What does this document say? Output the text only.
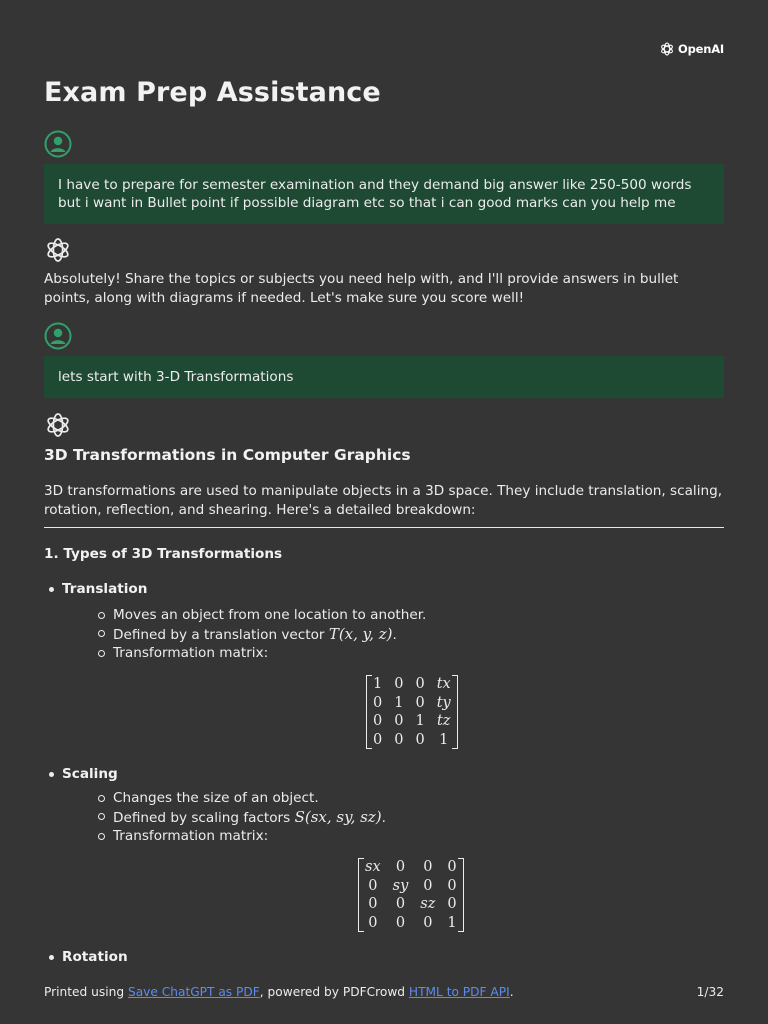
OpenAI
Exam Prep Assistance
I have to prepare for semester examination and they demand big answer like 250-500 words but i want in Bullet point if possible diagram etc so that i can good marks can you help me

Absolutely! Share the topics or subjects you need help with, and I'll provide answers in bullet points, along with diagrams if needed. Let's make sure you score well!

lets start with 3-D Transformations
3D Transformations in Computer Graphics

3D transformations are used to manipulate objects in a 3D space. They include translation, scaling, rotation, reflection, and shearing. Here's a detailed breakdown:

1. Types of 3D Transformations
Translation
Moves an object from one location to another.
Defined by a translation vector T(x, y, z).
Transformation matrix:
1	0	0	tx
0	1	0	ty
0	0	1	tz
0	0	0	1

Scaling
Changes the size of an object.
Defined by scaling factors S(sx, sy, sz).
Transformation matrix:
sx	0	0	0
0	sy	0	0
0	0	sz	0
0	0	0	1

Rotation
Printed using Save ChatGPT as PDF, powered by PDFCrowd HTML to PDF API.	1/32
